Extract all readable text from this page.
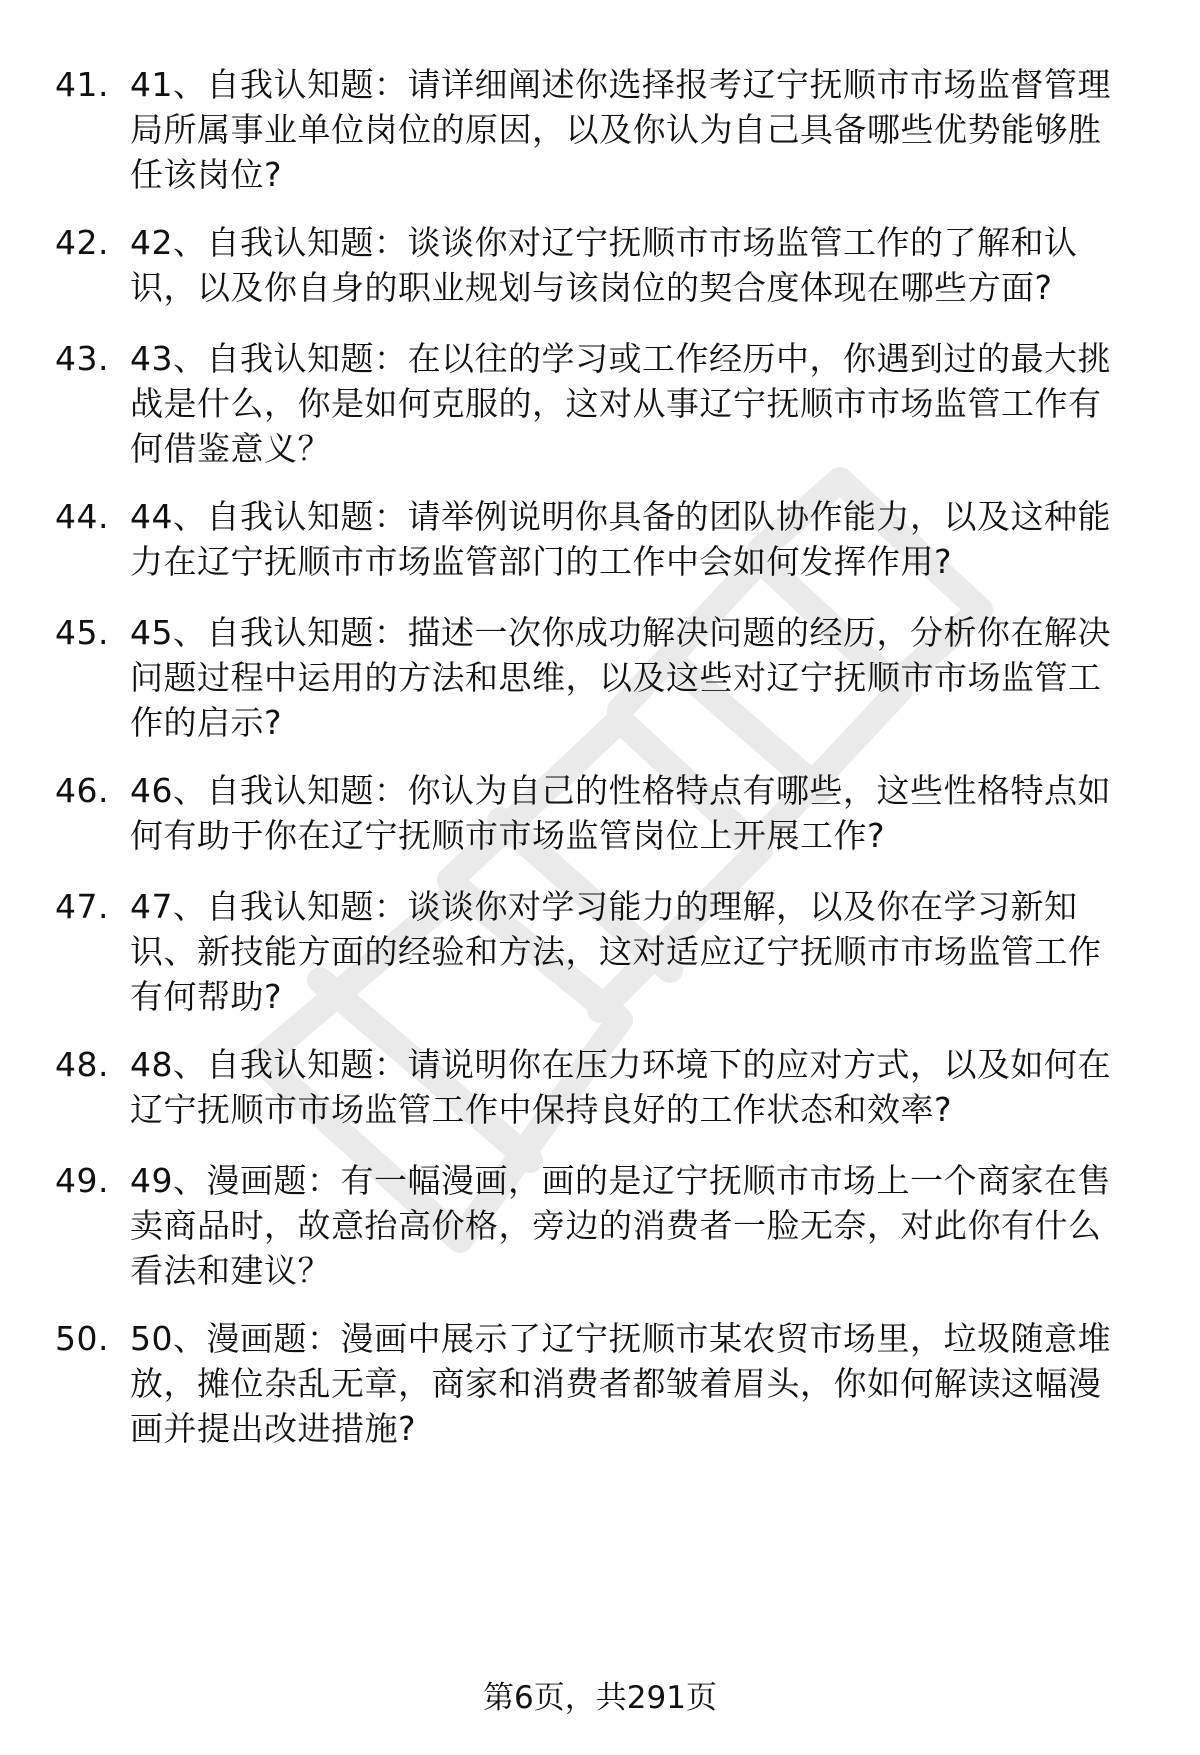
41. 41、自我认知题：请详细阐述你选择报考辽宁抚顺市市场监督管理局所属事业单位岗位的原因，以及你认为自己具备哪些优势能够胜任该岗位?
42. 42、自我认知题：谈谈你对辽宁抚顺市市场监管工作的了解和认识，以及你自身的职业规划与该岗位的契合度体现在哪些方面?
43. 43、自我认知题：在以往的学习或工作经历中，你遇到过的最大挑战是什么，你是如何克服的，这对从事辽宁抚顺市市场监管工作有何借鉴意义？
44. 44、自我认知题：请举例说明你具备的团队协作能力，以及这种能力在辽宁抚顺市市场监管部门的工作中会如何发挥作用?
45. 45、自我认知题：描述一次你成功解决问题的经历，分析你在解决问题过程中运用的方法和思维，以及这些对辽宁抚顺市市场监管工作的启示?
46. 46、自我认知题：你认为自己的性格特点有哪些，这些性格特点如何有助于你在辽宁抚顺市市场监管岗位上开展工作?
47. 47、自我认知题：谈谈你对学习能力的理解，以及你在学习新知识、新技能方面的经验和方法，这对适应辽宁抚顺市市场监管工作有何帮助?
48. 48、自我认知题：请说明你在压力环境下的应对方式，以及如何在辽宁抚顺市市场监管工作中保持良好的工作状态和效率?
49. 49、漫画题：有一幅漫画，画的是辽宁抚顺市市场上一个商家在售卖商品时，故意抬高价格，旁边的消费者一脸无奈，对此你有什么看法和建议？
50. 50、漫画题：漫画中展示了辽宁抚顺市某农贸市场里，垃圾随意堆放，摊位杂乱无章，商家和消费者都皱着眉头，你如何解读这幅漫画并提出改进措施?
第6页，共291页
